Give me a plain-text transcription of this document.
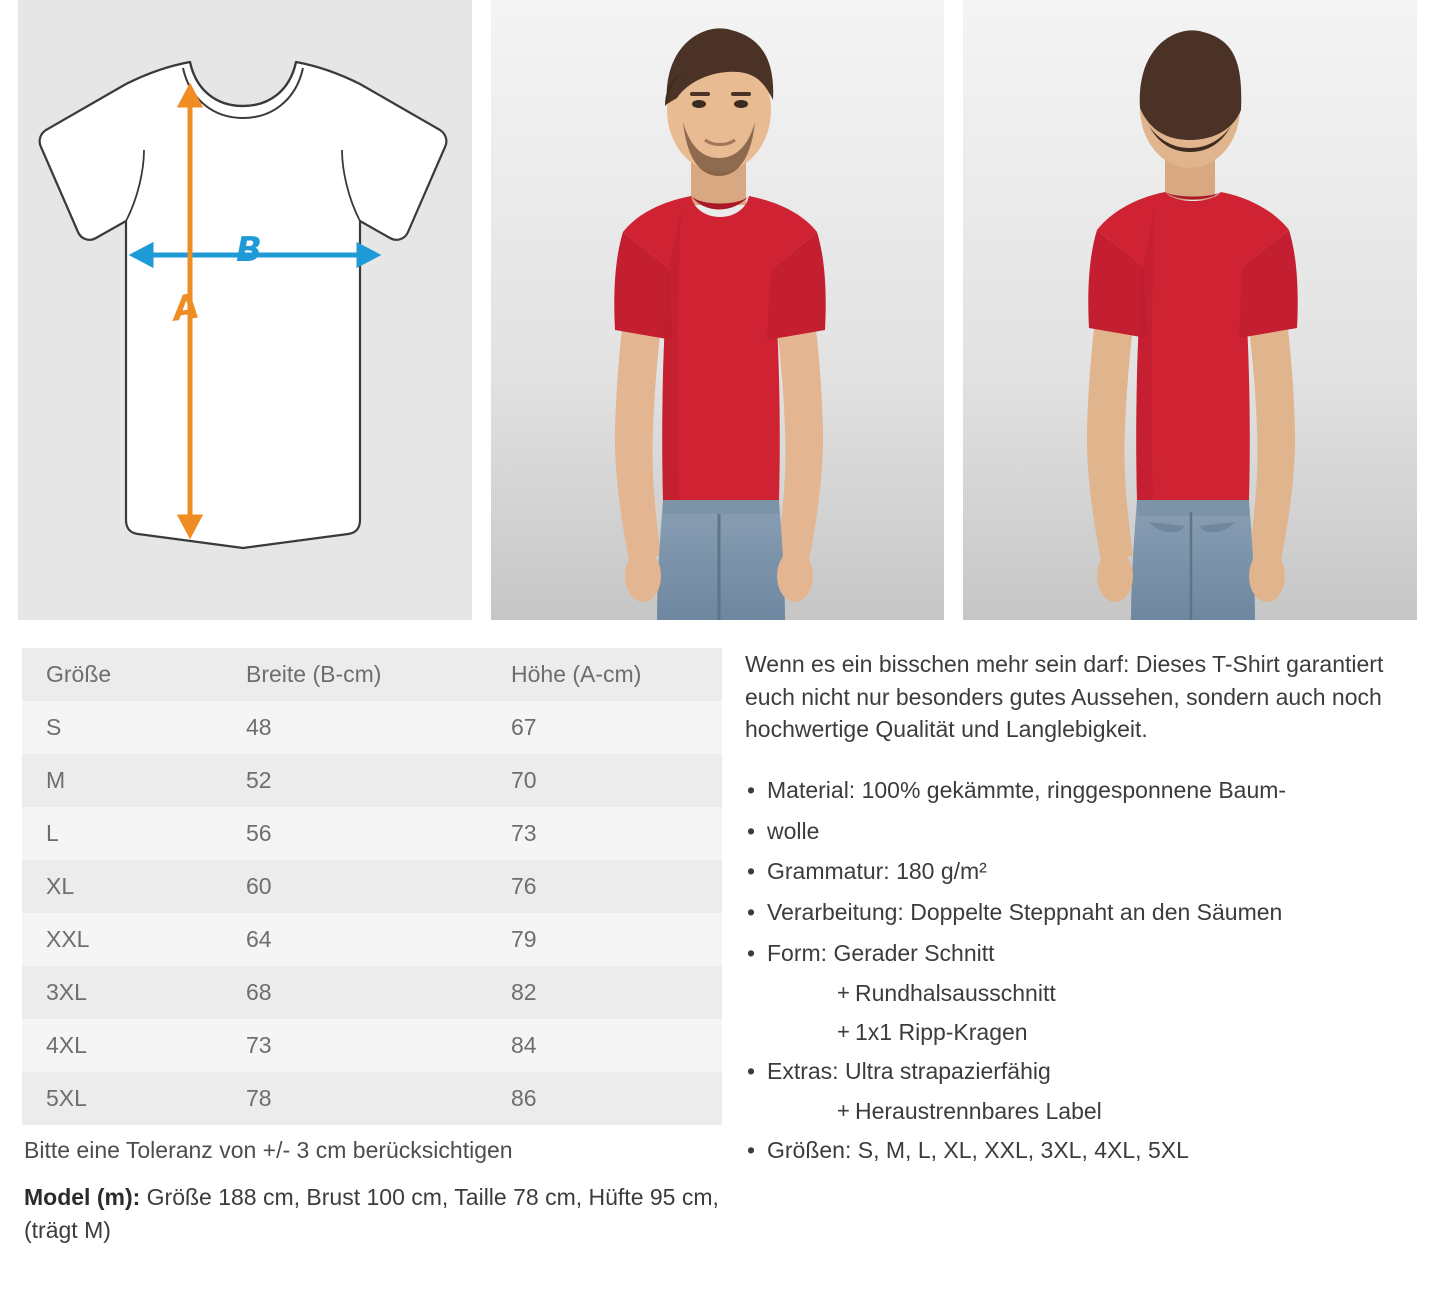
B
A
Größe	Breite (B-cm)	Höhe (A-cm)
S	48	67
M	52	70
L	56	73
XL	60	76
XXL	64	79
3XL	68	82
4XL	73	84
5XL	78	86
Bitte eine Toleranz von +/- 3 cm berücksichtigen
Model (m): Größe 188 cm, Brust 100 cm, Taille 78 cm, Hüfte 95 cm, (trägt M)

Wenn es ein bisschen mehr sein darf: Dieses T-Shirt garantiert euch nicht nur besonders gutes Aussehen, sondern auch noch hochwertige Qualität und Langlebigkeit.

• Material: 100% gekämmte, ringgesponnene Baum-
• wolle
• Grammatur: 180 g/m²
• Verarbeitung: Doppelte Steppnaht an den Säumen
• Form: Gerader Schnitt
+ Rundhalsausschnitt
+ 1x1 Ripp-Kragen
• Extras: Ultra strapazierfähig
+ Heraustrennbares Label
• Größen: S, M, L, XL, XXL, 3XL, 4XL, 5XL
